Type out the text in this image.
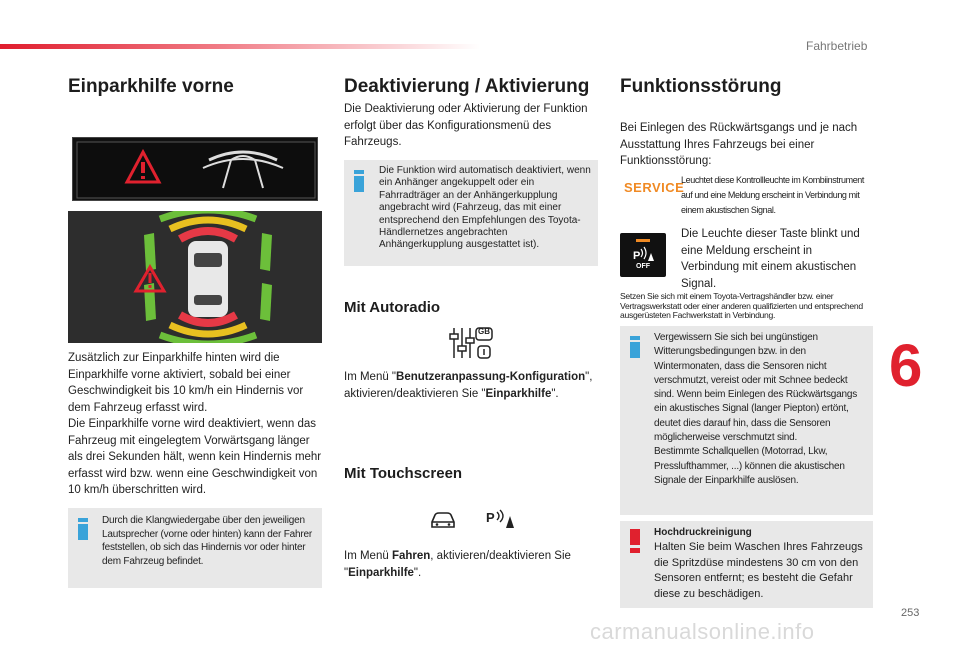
Fahrbetrieb
Einparkhilfe vorne
Zusätzlich zur Einparkhilfe hinten wird die Einparkhilfe vorne aktiviert, sobald bei einer Geschwindigkeit bis 10 km/h ein Hindernis vor dem Fahrzeug erfasst wird.
Die Einparkhilfe vorne wird deaktiviert, wenn das Fahrzeug mit eingelegtem Vorwärtsgang länger als drei Sekunden hält, wenn kein Hindernis mehr erfasst wird bzw. wenn eine Geschwindigkeit von 10 km/h überschritten wird.
Durch die Klangwiedergabe über den jeweiligen Lautsprecher (vorne oder hinten) kann der Fahrer feststellen, ob sich das Hindernis vor oder hinter dem Fahrzeug befindet.
Deaktivierung / Aktivierung
Die Deaktivierung oder Aktivierung der Funktion erfolgt über das Konfigurationsmenü des Fahrzeugs.
Die Funktion wird automatisch deaktiviert, wenn ein Anhänger angekuppelt oder ein Fahrradträger an der Anhängerkupplung angebracht wird (Fahrzeug, das mit einer entsprechend den Empfehlungen des Toyota-Händlernetzes angebrachten Anhängerkupplung ausgestattet ist).
Mit Autoradio
GB
Im Menü "Benutzeranpassung-Konfiguration", aktivieren/deaktivieren Sie "Einparkhilfe".
Mit Touchscreen
P
Im Menü Fahren, aktivieren/deaktivieren Sie "Einparkhilfe".
Funktionsstörung
Bei Einlegen des Rückwärtsgangs und je nach Ausstattung Ihres Fahrzeugs bei einer Funktionsstörung:
SERVICE
Leuchtet diese Kontrollleuchte im Kombiinstrument auf und eine Meldung erscheint in Verbindung mit einem akustischen Signal.
P
OFF
Die Leuchte dieser Taste blinkt und eine Meldung erscheint in Verbindung mit einem akustischen Signal.
Setzen Sie sich mit einem Toyota-Vertragshändler bzw. einer Vertragswerkstatt oder einer anderen qualifizierten und entsprechend ausgerüsteten Fachwerkstatt in Verbindung.
Vergewissern Sie sich bei ungünstigen Witterungsbedingungen bzw. in den Wintermonaten, dass die Sensoren nicht verschmutzt, vereist oder mit Schnee bedeckt sind. Wenn beim Einlegen des Rückwärtsgangs ein akustisches Signal (langer Piepton) ertönt, deutet dies darauf hin, dass die Sensoren möglicherweise verschmutzt sind.
Bestimmte Schallquellen (Motorrad, Lkw, Presslufthammer, ...) können die akustischen Signale der Einparkhilfe auslösen.
Hochdruckreinigung
Halten Sie beim Waschen Ihres Fahrzeugs die Spritzdüse mindestens 30 cm von den Sensoren entfernt; es besteht die Gefahr diese zu beschädigen.
6
253
carmanualsonline.info
